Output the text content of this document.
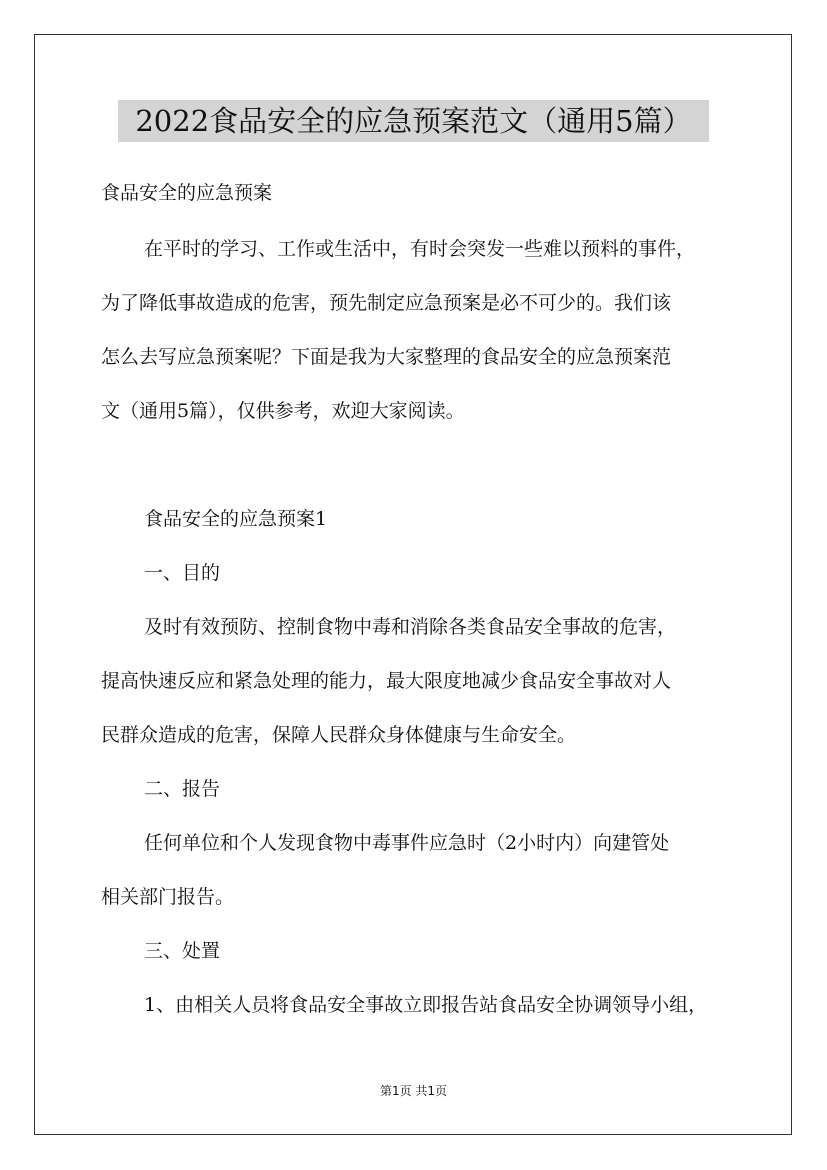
2022食品安全的应急预案范文（通用5篇）
食品安全的应急预案
在平时的学习、工作或生活中，有时会突发一些难以预料的事件，
为了降低事故造成的危害，预先制定应急预案是必不可少的。我们该
怎么去写应急预案呢？下面是我为大家整理的食品安全的应急预案范
文（通用5篇），仅供参考，欢迎大家阅读。
食品安全的应急预案1
一、目的
及时有效预防、控制食物中毒和消除各类食品安全事故的危害，
提高快速反应和紧急处理的能力，最大限度地减少食品安全事故对人
民群众造成的危害，保障人民群众身体健康与生命安全。
二、报告
任何单位和个人发现食物中毒事件应急时（2小时内）向建管处
相关部门报告。
三、处置
1、由相关人员将食品安全事故立即报告站食品安全协调领导小组，
第1页 共1页
